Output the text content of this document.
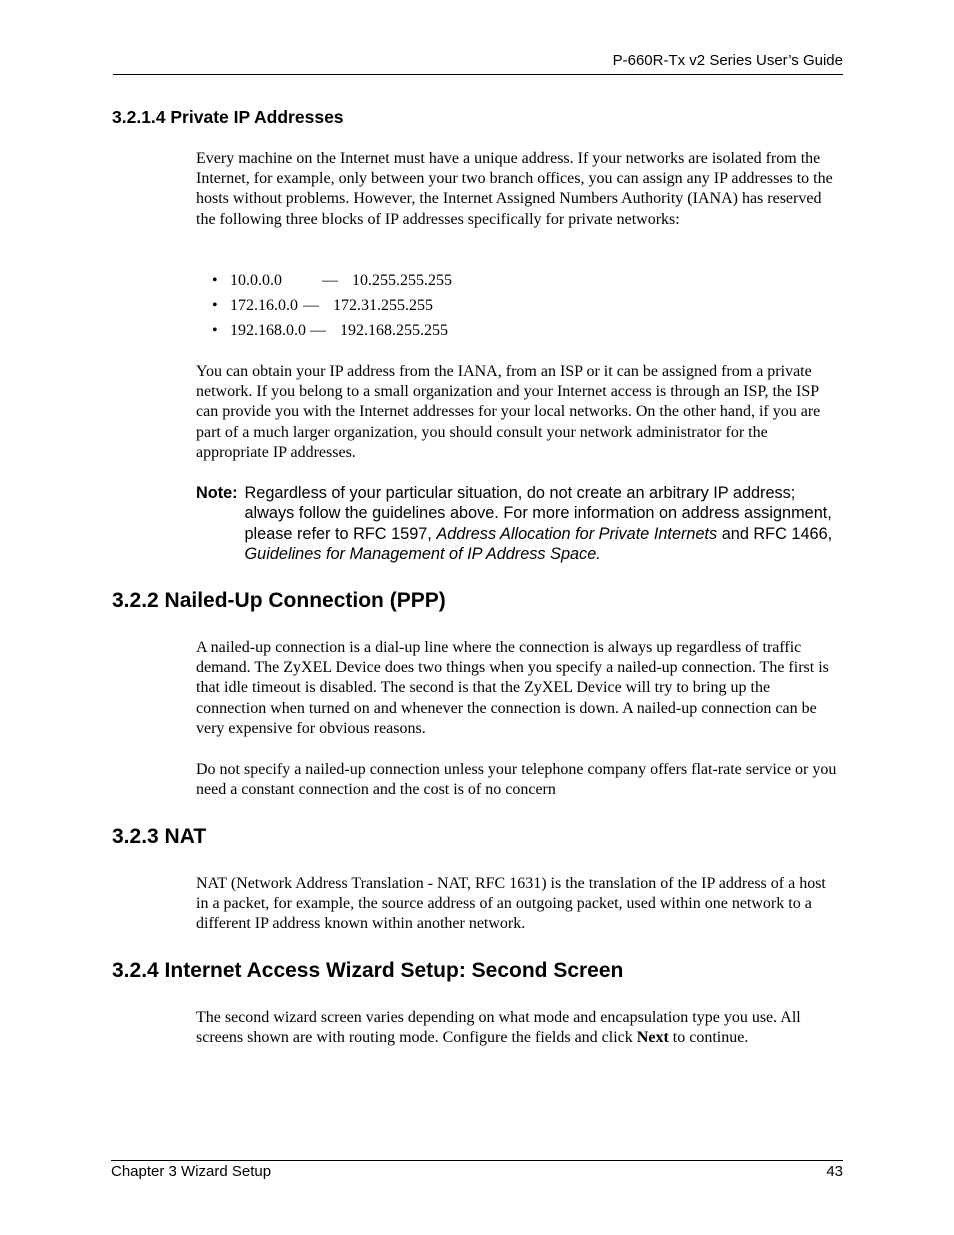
P-660R-Tx v2 Series User’s Guide
3.2.1.4 Private IP Addresses
Every machine on the Internet must have a unique address. If your networks are isolated from the Internet, for example, only between your two branch offices, you can assign any IP addresses to the hosts without problems. However, the Internet Assigned Numbers Authority (IANA) has reserved the following three blocks of IP addresses specifically for private networks:
• 10.0.0.0	— 10.255.255.255
• 172.16.0.0 — 172.31.255.255
• 192.168.0.0 — 192.168.255.255
You can obtain your IP address from the IANA, from an ISP or it can be assigned from a private network. If you belong to a small organization and your Internet access is through an ISP, the ISP can provide you with the Internet addresses for your local networks. On the other hand, if you are part of a much larger organization, you should consult your network administrator for the appropriate IP addresses.
Note: Regardless of your particular situation, do not create an arbitrary IP address; always follow the guidelines above. For more information on address assignment, please refer to RFC 1597, Address Allocation for Private Internets and RFC 1466, Guidelines for Management of IP Address Space.
3.2.2 Nailed-Up Connection (PPP)
A nailed-up connection is a dial-up line where the connection is always up regardless of traffic demand. The ZyXEL Device does two things when you specify a nailed-up connection. The first is that idle timeout is disabled. The second is that the ZyXEL Device will try to bring up the connection when turned on and whenever the connection is down. A nailed-up connection can be very expensive for obvious reasons.
Do not specify a nailed-up connection unless your telephone company offers flat-rate service or you need a constant connection and the cost is of no concern
3.2.3 NAT
NAT (Network Address Translation - NAT, RFC 1631) is the translation of the IP address of a host in a packet, for example, the source address of an outgoing packet, used within one network to a different IP address known within another network.
3.2.4 Internet Access Wizard Setup: Second Screen
The second wizard screen varies depending on what mode and encapsulation type you use. All screens shown are with routing mode. Configure the fields and click Next to continue.
Chapter 3 Wizard Setup	43
